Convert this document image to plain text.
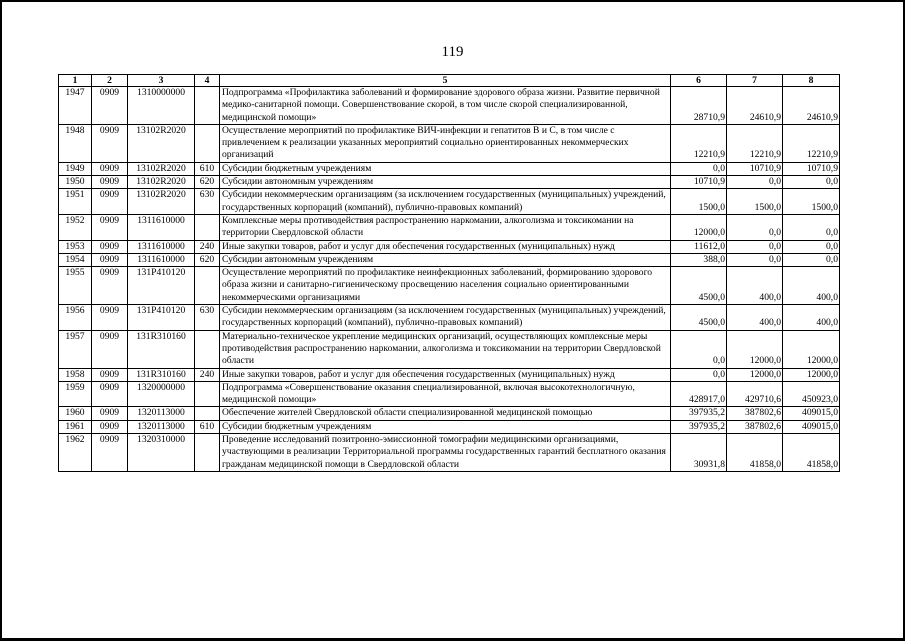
119
1	2	3	4	5	6	7	8
1947	0909	1310000000		Подпрограмма «Профилактика заболеваний и формирование здорового образа жизни. Развитие первичной медико-санитарной помощи. Совершенствование скорой, в том числе скорой специализированной, медицинской помощи»	28710,9	24610,9	24610,9
1948	0909	13102R2020		Осуществление мероприятий по профилактике ВИЧ-инфекции и гепатитов В и С, в том числе с привлечением к реализации указанных мероприятий социально ориентированных некоммерческих организаций	12210,9	12210,9	12210,9
1949	0909	13102R2020	610	Субсидии бюджетным учреждениям	0,0	10710,9	10710,9
1950	0909	13102R2020	620	Субсидии автономным учреждениям	10710,9	0,0	0,0
1951	0909	13102R2020	630	Субсидии некоммерческим организациям (за исключением государственных (муниципальных) учреждений, государственных корпораций (компаний), публично-правовых компаний)	1500,0	1500,0	1500,0
1952	0909	1311610000		Комплексные меры противодействия распространению наркомании, алкоголизма и токсикомании на территории Свердловской области	12000,0	0,0	0,0
1953	0909	1311610000	240	Иные закупки товаров, работ и услуг для обеспечения государственных (муниципальных) нужд	11612,0	0,0	0,0
1954	0909	1311610000	620	Субсидии автономным учреждениям	388,0	0,0	0,0
1955	0909	131P410120		Осуществление мероприятий по профилактике неинфекционных заболеваний, формированию здорового образа жизни и санитарно-гигиеническому просвещению населения социально ориентированными некоммерческими организациями	4500,0	400,0	400,0
1956	0909	131P410120	630	Субсидии некоммерческим организациям (за исключением государственных (муниципальных) учреждений, государственных корпораций (компаний), публично-правовых компаний)	4500,0	400,0	400,0
1957	0909	131R310160		Материально-техническое укрепление медицинских организаций, осуществляющих комплексные меры противодействия распространению наркомании, алкоголизма и токсикомании на территории Свердловской области	0,0	12000,0	12000,0
1958	0909	131R310160	240	Иные закупки товаров, работ и услуг для обеспечения государственных (муниципальных) нужд	0,0	12000,0	12000,0
1959	0909	1320000000		Подпрограмма «Совершенствование оказания специализированной, включая высокотехнологичную, медицинской помощи»	428917,0	429710,6	450923,0
1960	0909	1320113000		Обеспечение жителей Свердловской области специализированной медицинской помощью	397935,2	387802,6	409015,0
1961	0909	1320113000	610	Субсидии бюджетным учреждениям	397935,2	387802,6	409015,0
1962	0909	1320310000		Проведение исследований позитронно-эмиссионной томографии медицинскими организациями, участвующими в реализации Территориальной программы государственных гарантий бесплатного оказания гражданам медицинской помощи в Свердловской области	30931,8	41858,0	41858,0
